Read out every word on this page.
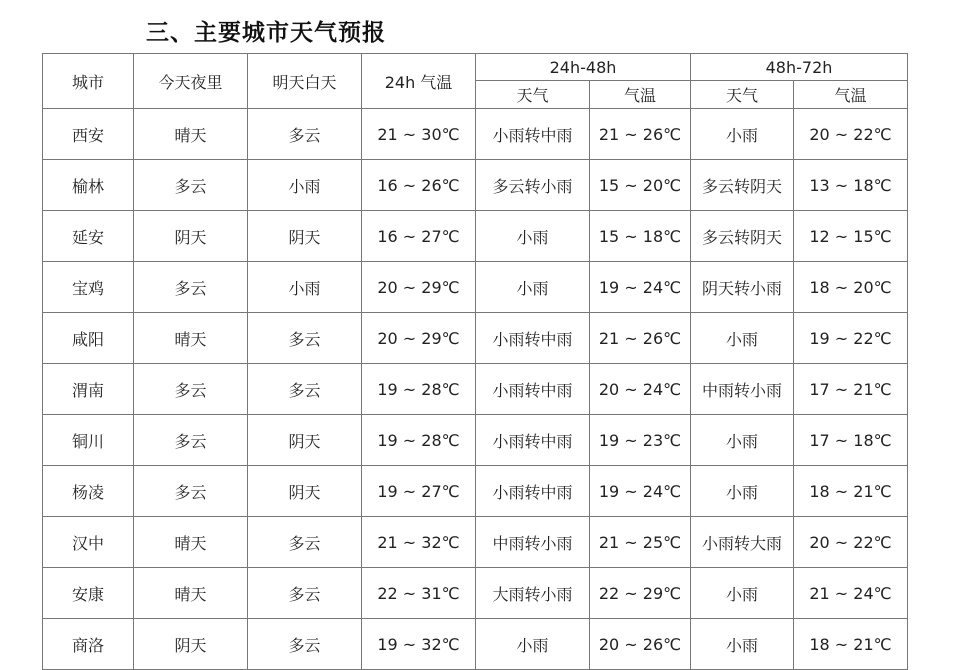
三、主要城市天气预报
城市	今天夜里	明天白天	24h 气温	24h-48h		48h-72h	
				天气	气温	天气	气温
西安	晴天	多云	21 ~ 30℃	小雨转中雨	21 ~ 26℃	小雨	20 ~ 22℃
榆林	多云	小雨	16 ~ 26℃	多云转小雨	15 ~ 20℃	多云转阴天	13 ~ 18℃
延安	阴天	阴天	16 ~ 27℃	小雨	15 ~ 18℃	多云转阴天	12 ~ 15℃
宝鸡	多云	小雨	20 ~ 29℃	小雨	19 ~ 24℃	阴天转小雨	18 ~ 20℃
咸阳	晴天	多云	20 ~ 29℃	小雨转中雨	21 ~ 26℃	小雨	19 ~ 22℃
渭南	多云	多云	19 ~ 28℃	小雨转中雨	20 ~ 24℃	中雨转小雨	17 ~ 21℃
铜川	多云	阴天	19 ~ 28℃	小雨转中雨	19 ~ 23℃	小雨	17 ~ 18℃
杨凌	多云	阴天	19 ~ 27℃	小雨转中雨	19 ~ 24℃	小雨	18 ~ 21℃
汉中	晴天	多云	21 ~ 32℃	中雨转小雨	21 ~ 25℃	小雨转大雨	20 ~ 22℃
安康	晴天	多云	22 ~ 31℃	大雨转小雨	22 ~ 29℃	小雨	21 ~ 24℃
商洛	阴天	多云	19 ~ 32℃	小雨	20 ~ 26℃	小雨	18 ~ 21℃
